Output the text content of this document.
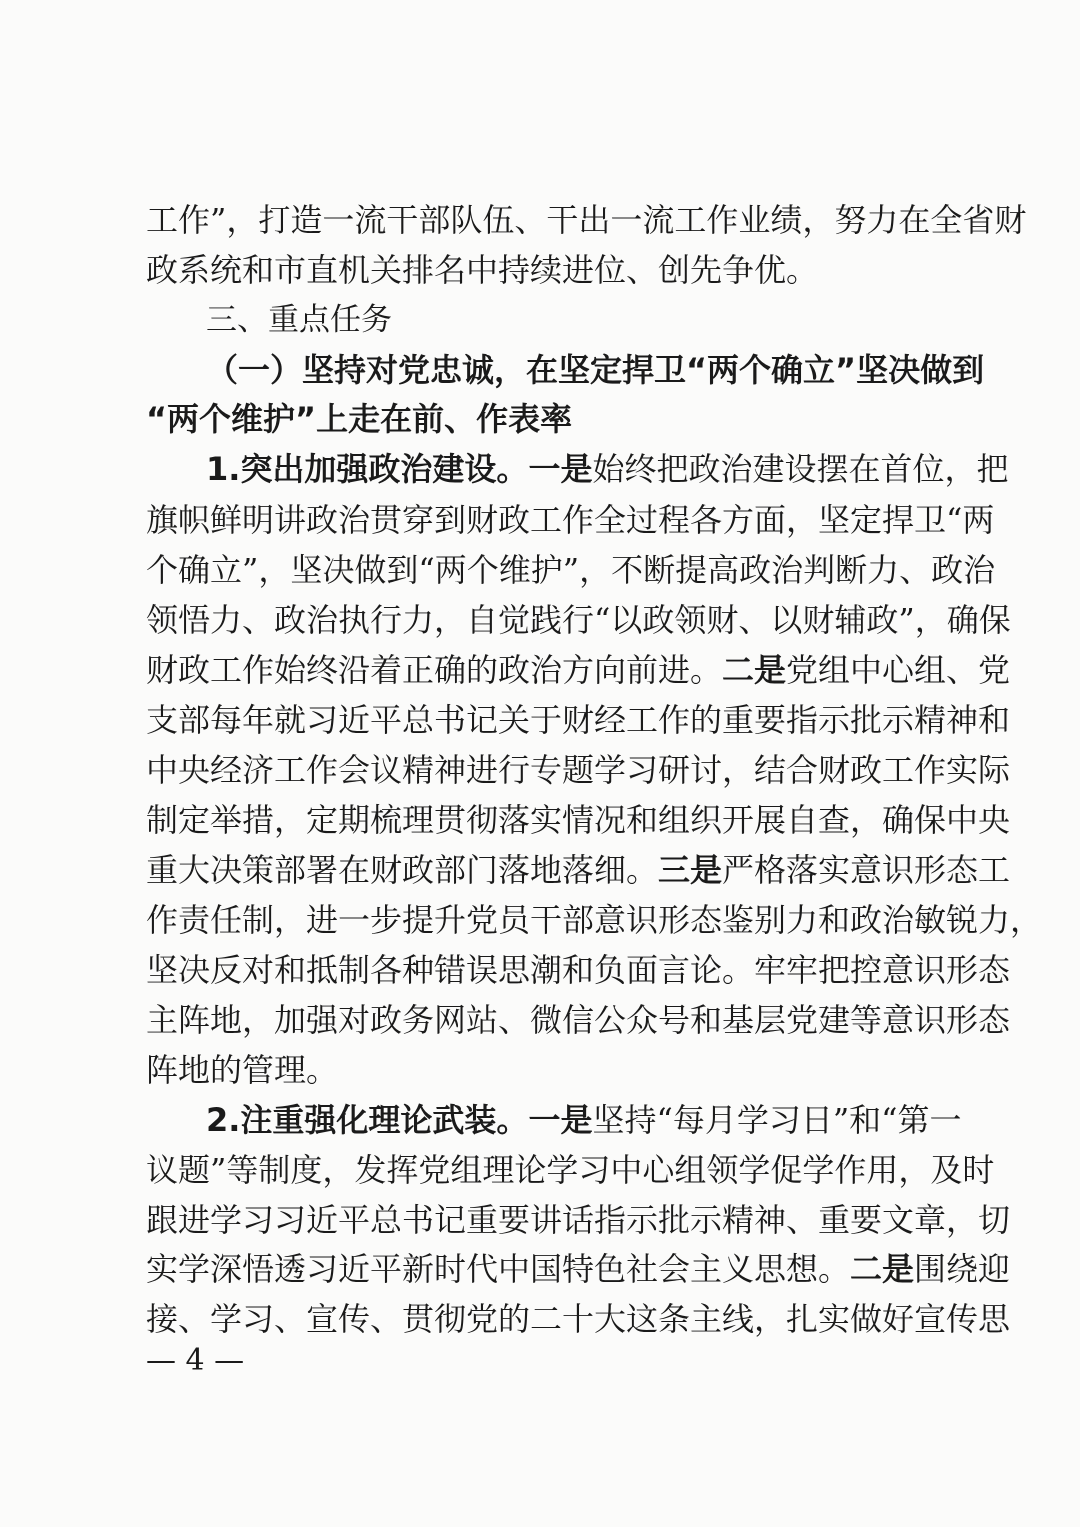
工作”，打造一流干部队伍、干出一流工作业绩，努力在全省财
政系统和市直机关排名中持续进位、创先争优。
三、重点任务
（一）坚持对党忠诚，在坚定捍卫“两个确立”坚决做到
“两个维护”上走在前、作表率
1.突出加强政治建设。一是始终把政治建设摆在首位，把
旗帜鲜明讲政治贯穿到财政工作全过程各方面，坚定捍卫“两
个确立”，坚决做到“两个维护”，不断提高政治判断力、政治
领悟力、政治执行力，自觉践行“以政领财、以财辅政”，确保
财政工作始终沿着正确的政治方向前进。二是党组中心组、党
支部每年就习近平总书记关于财经工作的重要指示批示精神和
中央经济工作会议精神进行专题学习研讨，结合财政工作实际
制定举措，定期梳理贯彻落实情况和组织开展自查，确保中央
重大决策部署在财政部门落地落细。三是严格落实意识形态工
作责任制，进一步提升党员干部意识形态鉴别力和政治敏锐力，
坚决反对和抵制各种错误思潮和负面言论。牢牢把控意识形态
主阵地，加强对政务网站、微信公众号和基层党建等意识形态
阵地的管理。
2.注重强化理论武装。一是坚持“每月学习日”和“第一
议题”等制度，发挥党组理论学习中心组领学促学作用，及时
跟进学习习近平总书记重要讲话指示批示精神、重要文章，切
实学深悟透习近平新时代中国特色社会主义思想。二是围绕迎
接、学习、宣传、贯彻党的二十大这条主线，扎实做好宣传思
— 4 —
